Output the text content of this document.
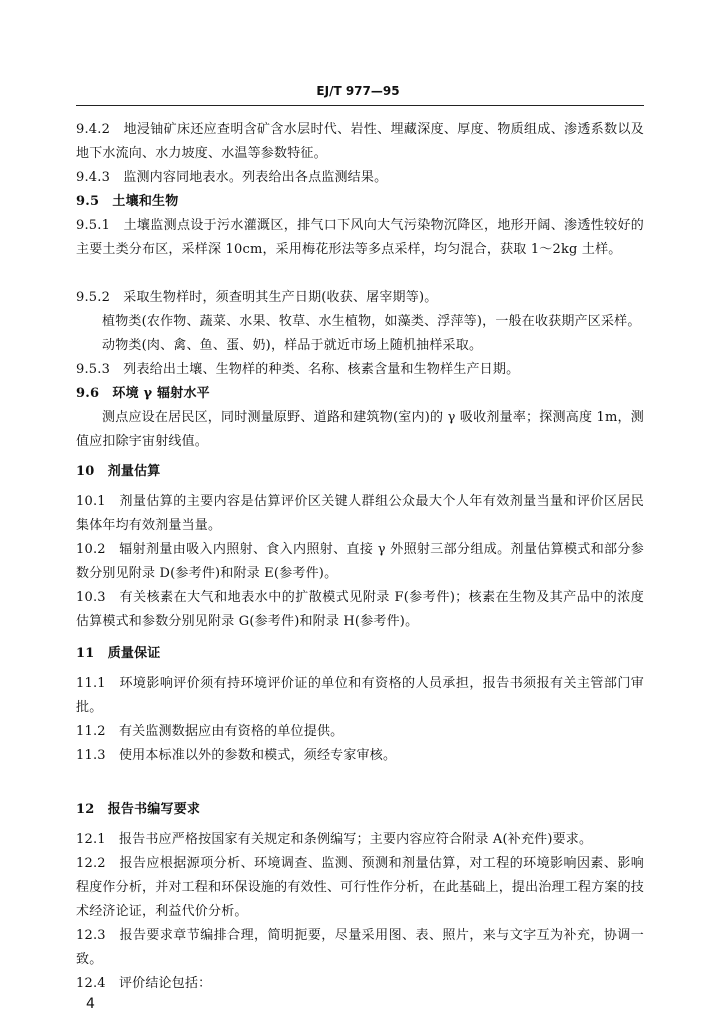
EJ/T 977—95

9.4.2　地浸铀矿床还应查明含矿含水层时代、岩性、埋藏深度、厚度、物质组成、渗透系数以及地下水流向、水力坡度、水温等参数特征。

9.4.3　监测内容同地表水。列表给出各点监测结果。

9.5　土壤和生物

9.5.1　土壤监测点设于污水灌溉区，排气口下风向大气污染物沉降区，地形开阔、渗透性较好的主要土类分布区，采样深 10cm，采用梅花形法等多点采样，均匀混合，获取 1～2kg 土样。

9.5.2　采取生物样时，须查明其生产日期(收获、屠宰期等)。

植物类(农作物、蔬菜、水果、牧草、水生植物，如藻类、浮萍等)，一般在收获期产区采样。

动物类(肉、禽、鱼、蛋、奶)，样品于就近市场上随机抽样采取。

9.5.3　列表给出土壤、生物样的种类、名称、核素含量和生物样生产日期。

9.6　环境 γ 辐射水平

测点应设在居民区，同时测量原野、道路和建筑物(室内)的 γ 吸收剂量率；探测高度 1m，测值应扣除宇宙射线值。

10　剂量估算

10.1　剂量估算的主要内容是估算评价区关键人群组公众最大个人年有效剂量当量和评价区居民集体年均有效剂量当量。

10.2　辐射剂量由吸入内照射、食入内照射、直接 γ 外照射三部分组成。剂量估算模式和部分参数分别见附录 D(参考件)和附录 E(参考件)。

10.3　有关核素在大气和地表水中的扩散模式见附录 F(参考件)；核素在生物及其产品中的浓度估算模式和参数分别见附录 G(参考件)和附录 H(参考件)。

11　质量保证

11.1　环境影响评价须有持环境评价证的单位和有资格的人员承担，报告书须报有关主管部门审批。

11.2　有关监测数据应由有资格的单位提供。

11.3　使用本标准以外的参数和模式，须经专家审核。

12　报告书编写要求

12.1　报告书应严格按国家有关规定和条例编写；主要内容应符合附录 A(补充件)要求。

12.2　报告应根据源项分析、环境调查、监测、预测和剂量估算，对工程的环境影响因素、影响程度作分析，并对工程和环保设施的有效性、可行性作分析，在此基础上，提出治理工程方案的技术经济论证，利益代价分析。

12.3　报告要求章节编排合理，简明扼要，尽量采用图、表、照片，来与文字互为补充，协调一致。

12.4　评价结论包括：

4
